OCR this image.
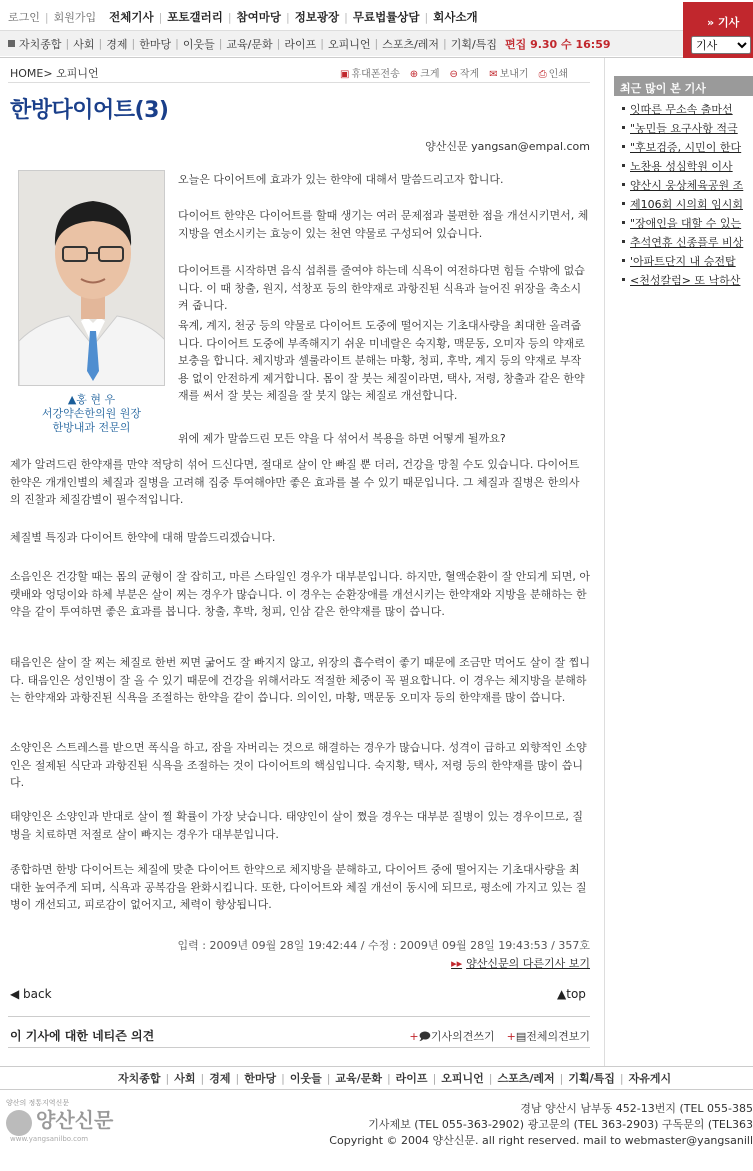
로그인 | 회원가입 전체기사 | 포토갤러리 | 참여마당 | 정보광장 | 무료법률상담 | 회사소개
자치종합 | 사회 | 경제 | 한마당 | 이웃들 | 교육/문화 | 라이프 | 오피니언 | 스포츠/레저 | 기획/특집 편집 9.30 수 16:59
» 기사
기사
HOME> 오피니언	▣ 휴대폰전송 ⊕ 크게 ⊖ 작게 ✉ 보내기 ⎙ 인쇄
한방다이어트(3)
양산신문 yangsan@empal.com
▲홍 현 우
서강약손한의원 원장
한방내과 전문의

오늘은 다이어트에 효과가 있는 한약에 대해서 말씀드리고자 합니다.

다이어트 한약은 다이어트를 할때 생기는 여러 문제점과 불편한 점을 개선시키면서, 체지방을 연소시키는 효능이 있는 천연 약물로 구성되어 있습니다.

다이어트를 시작하면 음식 섭취를 줄여야 하는데 식욕이 여전하다면 힘들 수밖에 없습니다. 이 때 창출, 원지, 석창포 등의 한약재로 과항진된 식욕과 늘어진 위장을 축소시켜 줍니다.

육계, 계지, 천궁 등의 약물로 다이어트 도중에 떨어지는 기초대사량을 최대한 올려줍니다. 다이어트 도중에 부족해지기 쉬운 미네랄은 숙지황, 맥문동, 오미자 등의 약재로 보충을 합니다. 체지방과 셀룰라이트 분해는 마황, 청피, 후박, 계지 등의 약재로 부작용 없이 안전하게 제거합니다. 몸이 잘 붓는 체질이라면, 택사, 저령, 창출과 같은 한약재를 써서 잘 붓는 체질을 잘 붓지 않는 체질로 개선합니다.

위에 제가 말씀드린 모든 약을 다 섞어서 복용을 하면 어떻게 될까요?

제가 알려드린 한약재를 만약 적당히 섞어 드신다면, 절대로 살이 안 빠질 뿐 더러, 건강을 망칠 수도 있습니다. 다이어트 한약은 개개인별의 체질과 질병을 고려해 집중 투여해야만 좋은 효과를 볼 수 있기 때문입니다. 그 체질과 질병은 한의사의 진찰과 체질감별이 필수적입니다.

체질별 특징과 다이어트 한약에 대해 말씀드리겠습니다.

소음인은 건강할 때는 몸의 균형이 잘 잡히고, 마른 스타일인 경우가 대부분입니다. 하지만, 혈액순환이 잘 안되게 되면, 아랫배와 엉덩이와 하체 부분은 살이 찌는 경우가 많습니다. 이 경우는 순환장애를 개선시키는 한약재와 지방을 분해하는 한약을 같이 투여하면 좋은 효과를 봅니다. 창출, 후박, 청피, 인삼 같은 한약재를 많이 씁니다.

태음인은 살이 잘 찌는 체질로 한번 찌면 굶어도 잘 빠지지 않고, 위장의 흡수력이 좋기 때문에 조금만 먹어도 살이 잘 찝니다. 태음인은 성인병이 잘 올 수 있기 때문에 건강을 위해서라도 적절한 체중이 꼭 필요합니다. 이 경우는 체지방을 분해하는 한약재와 과항진된 식욕을 조절하는 한약을 같이 씁니다. 의이인, 마황, 맥문동 오미자 등의 한약재를 많이 씁니다.

소양인은 스트레스를 받으면 폭식을 하고, 잠을 자버리는 것으로 해결하는 경우가 많습니다. 성격이 급하고 외향적인 소양인은 절제된 식단과 과항진된 식욕을 조절하는 것이 다이어트의 핵심입니다. 숙지황, 택사, 저령 등의 한약재를 많이 씁니다.

태양인은 소양인과 반대로 살이 찔 확률이 가장 낮습니다. 태양인이 살이 쪘을 경우는 대부분 질병이 있는 경우이므로, 질병을 치료하면 저절로 살이 빠지는 경우가 대부분입니다.

종합하면 한방 다이어트는 체질에 맞춘 다이어트 한약으로 체지방을 분해하고, 다이어트 중에 떨어지는 기초대사량을 최대한 높여주게 되며, 식욕과 공복감을 완화시킵니다. 또한, 다이어트와 체질 개선이 동시에 되므로, 평소에 가지고 있는 질병이 개선되고, 피로감이 없어지고, 체력이 향상됩니다.

입력 : 2009년 09월 28일 19:42:44 / 수정 : 2009년 09월 28일 19:43:53 / 357호
▸▸ 양산신문의 다른기사 보기
◀ back	▲top
이 기사에 대한 네티즌 의견	+🗩기사의견쓰기 +▤전체의견보기
최근 많이 본 기사
잇따른 무소속 출마선
"농민들 요구사항 적극
"후보검증, 시민이 한다
노찬용 성심학원 이사
양산시 웅상체육공원 조
제106회 시의회 임시회
"장애인을 대할 수 있는
추석연휴 신종플루 비상
'아파트단지 내 승전탑
<천성칼럼> 또 낙하산
자치종합 | 사회 | 경제 | 한마당 | 이웃들 | 교육/문화 | 라이프 | 오피니언 | 스포츠/레저 | 기획/특집 | 자유게시
양산의 정통지역신문
양산신문
www.yangsanilbo.com
경남 양산시 남부동 452-13번지 (TEL 055-385
기사제보 (TEL 055-363-2902) 광고문의 (TEL 363-2903) 구독문의 (TEL363
Copyright © 2004 양산신문. all right reserved. mail to webmaster@yangsanill
